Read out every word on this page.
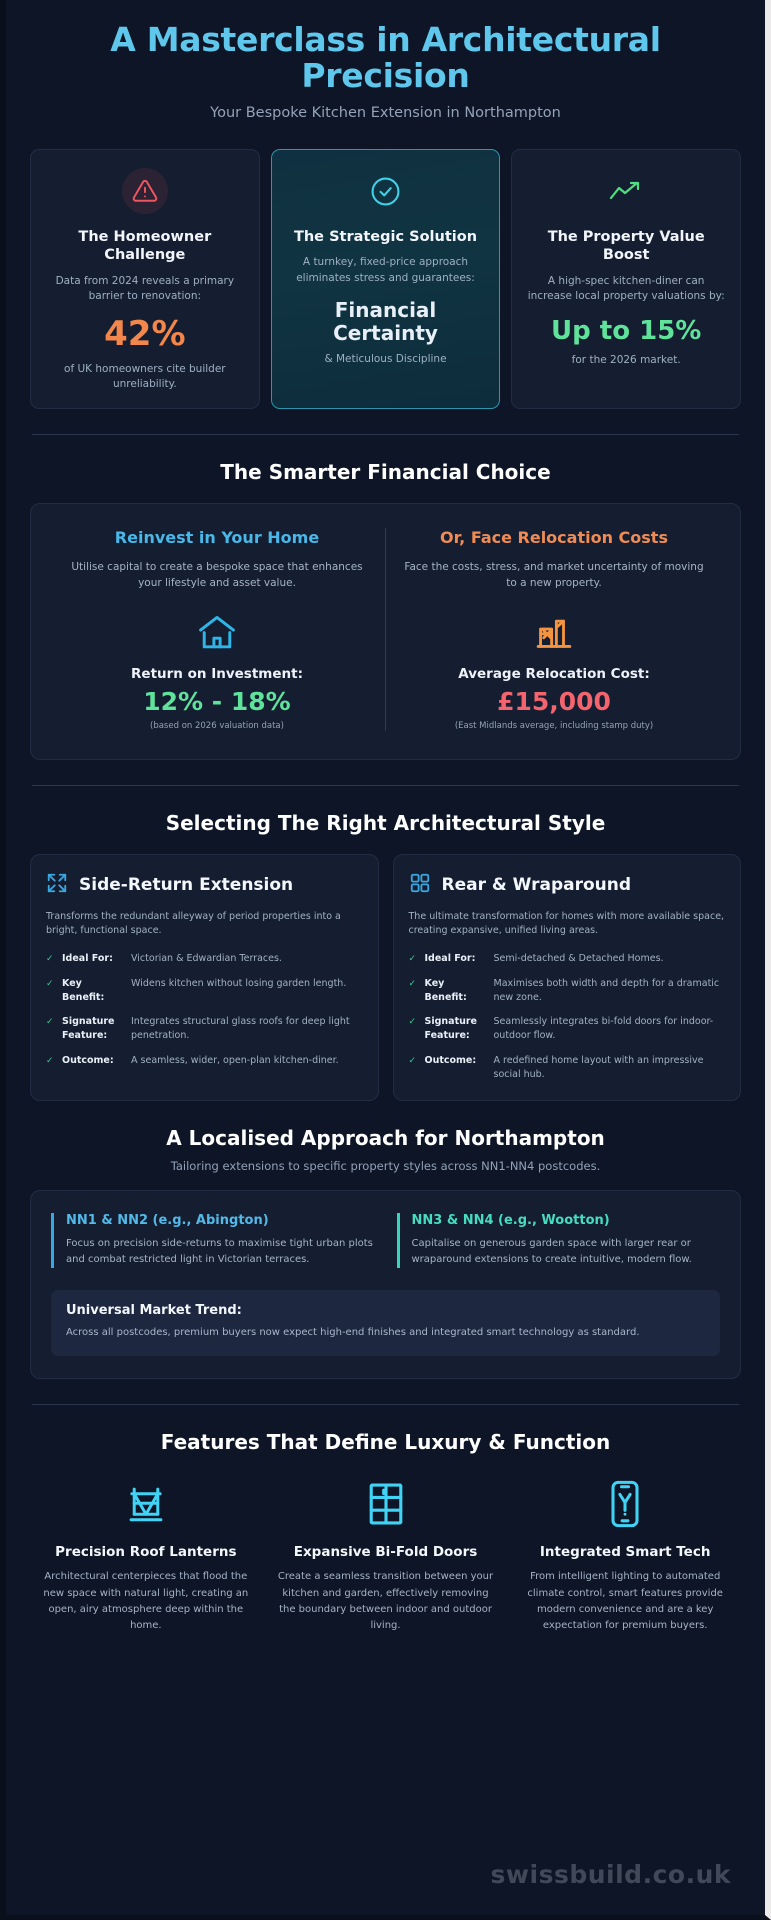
A Masterclass in Architectural Precision
Your Bespoke Kitchen Extension in Northampton
The Homeowner Challenge
Data from 2024 reveals a primary barrier to renovation:
42%
of UK homeowners cite builder unreliability.
The Strategic Solution
A turnkey, fixed-price approach eliminates stress and guarantees:
Financial Certainty
& Meticulous Discipline
The Property Value Boost
A high-spec kitchen-diner can increase local property valuations by:
Up to 15%
for the 2026 market.
The Smarter Financial Choice
Reinvest in Your Home
Utilise capital to create a bespoke space that enhances your lifestyle and asset value.
Return on Investment:
12% - 18%
(based on 2026 valuation data)
Or, Face Relocation Costs
Face the costs, stress, and market uncertainty of moving to a new property.
Average Relocation Cost:
£15,000
(East Midlands average, including stamp duty)
Selecting The Right Architectural Style
Side-Return Extension
Transforms the redundant alleyway of period properties into a bright, functional space.
✓ Ideal For:	Victorian & Edwardian Terraces.
✓ Key Benefit:
Widens kitchen without losing garden length.
✓ Signature Feature:
Integrates structural glass roofs for deep light penetration.
✓ Outcome:	A seamless, wider, open-plan kitchen-diner.
Rear & Wraparound
The ultimate transformation for homes with more available space, creating expansive, unified living areas.
✓ Ideal For:	Semi-detached & Detached Homes.
✓ Key Benefit:
Maximises both width and depth for a dramatic new zone.
✓ Signature Feature:
Seamlessly integrates bi-fold doors for indoor-outdoor flow.
✓ Outcome:	A redefined home layout with an impressive social hub.
A Localised Approach for Northampton
Tailoring extensions to specific property styles across NN1-NN4 postcodes.
NN1 & NN2 (e.g., Abington)
Focus on precision side-returns to maximise tight urban plots and combat restricted light in Victorian terraces.
NN3 & NN4 (e.g., Wootton)
Capitalise on generous garden space with larger rear or wraparound extensions to create intuitive, modern flow.
Universal Market Trend:
Across all postcodes, premium buyers now expect high-end finishes and integrated smart technology as standard.
Features That Define Luxury & Function
Precision Roof Lanterns
Architectural centerpieces that flood the new space with natural light, creating an open, airy atmosphere deep within the home.
Expansive Bi-Fold Doors
Create a seamless transition between your kitchen and garden, effectively removing the boundary between indoor and outdoor living.
Integrated Smart Tech
From intelligent lighting to automated climate control, smart features provide modern convenience and are a key expectation for premium buyers.
swissbuild.co.uk
